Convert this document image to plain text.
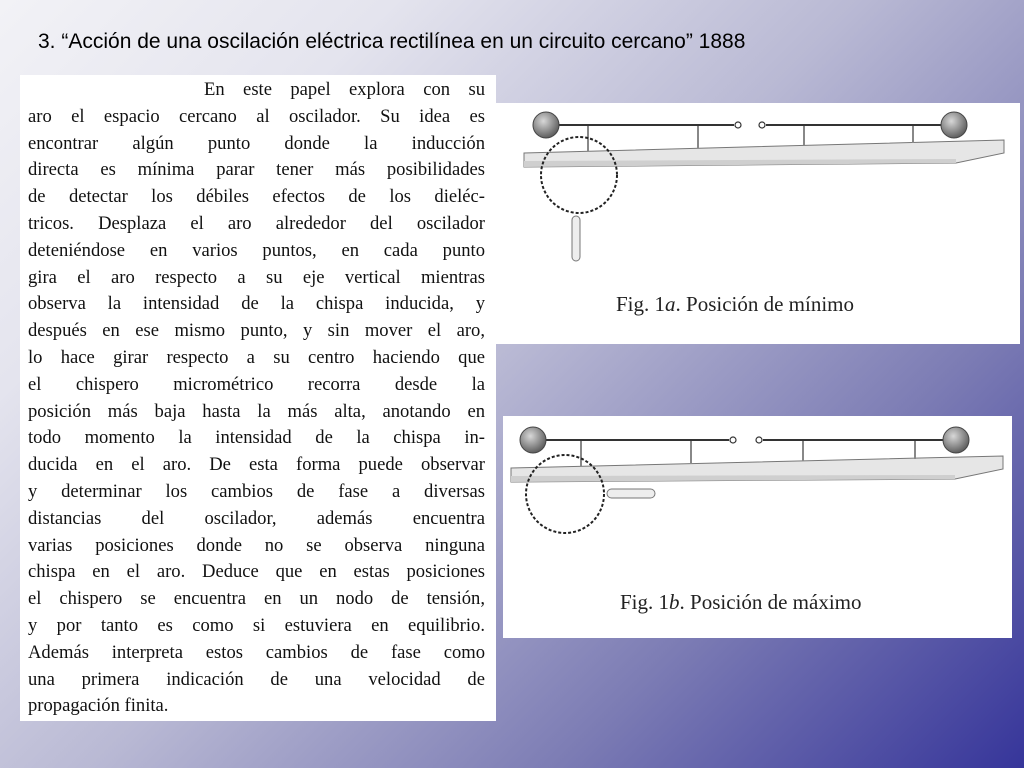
3. “Acción de una oscilación eléctrica rectilínea en un circuito cercano” 1888
En este papel explora con su
aro el espacio cercano al oscilador. Su idea es
encontrar algún punto donde la inducción
directa es mínima parar tener más posibilidades
de detectar los débiles efectos de los dieléc-
tricos. Desplaza el aro alrededor del oscilador
deteniéndose en varios puntos, en cada punto
gira el aro respecto a su eje vertical mientras
observa la intensidad de la chispa inducida, y
después en ese mismo punto, y sin mover el aro,
lo hace girar respecto a su centro haciendo que
el chispero micrométrico recorra desde la
posición más baja hasta la más alta, anotando en
todo momento la intensidad de la chispa in-
ducida en el aro. De esta forma puede observar
y determinar los cambios de fase a diversas
distancias del oscilador, además encuentra
varias posiciones donde no se observa ninguna
chispa en el aro. Deduce que en estas posiciones
el chispero se encuentra en un nodo de tensión,
y por tanto es como si estuviera en equilibrio.
Además interpreta estos cambios de fase como
una primera indicación de una velocidad de
propagación finita.
Fig. 1a. Posición de mínimo
Fig. 1b. Posición de máximo
